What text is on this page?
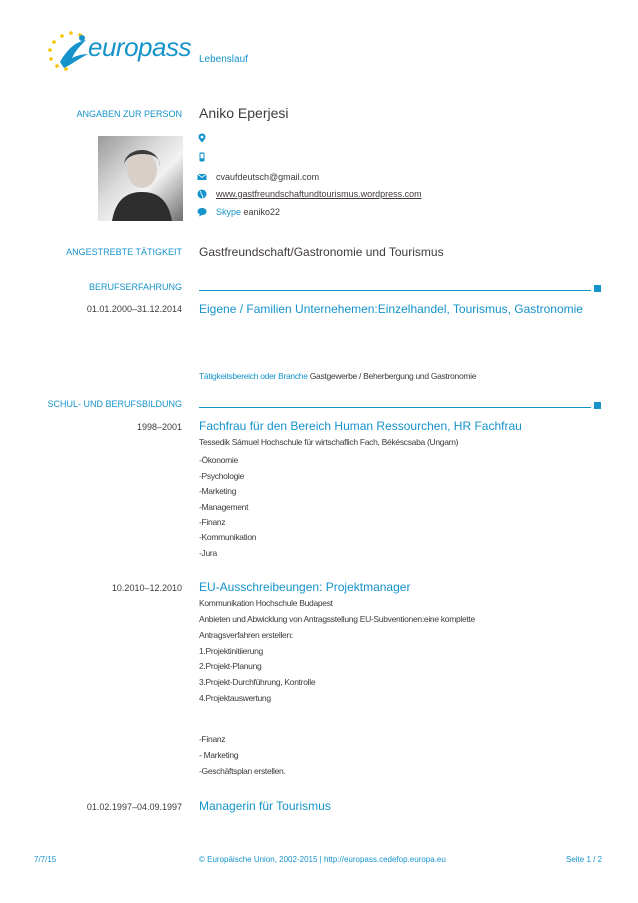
europass Lebenslauf
ANGABEN ZUR PERSON Aniko Eperjesi
cvaufdeutsch@gmail.com
www.gastfreundschaftundtourismus.wordpress.com
Skype eaniko22
ANGESTREBTE TÄTIGKEIT Gastfreundschaft/Gastronomie und Tourismus
BERUFSERFAHRUNG
01.01.2000–31.12.2014 Eigene / Familien Unternehemen:Einzelhandel, Tourismus, Gastronomie
Tätigkeitsbereich oder Branche Gastgewerbe / Beherbergung und Gastronomie
SCHUL- UND BERUFSBILDUNG
1998–2001 Fachfrau für den Bereich Human Ressourchen, HR Fachfrau
Tessedik Sámuel Hochschule für wirtschaflich Fach, Békéscsaba (Ungarn)
-Ökonomie
-Psychologie
-Marketing
-Management
-Finanz
-Kommunikation
-Jura
10.2010–12.2010 EU-Ausschreibeungen: Projektmanager
Kommunikation Hochschule Budapest
Anbieten und Abwicklung von Antragsstellung EU-Subventionen:eine komplette
Antragsverfahren erstellen:
1.Projektinitiierung
2.Projekt-Planung
3.Projekt-Durchführung, Kontrolle
4.Projektauswertung
-Finanz
- Marketing
-Geschäftsplan erstellen.
01.02.1997–04.09.1997 Managerin für Tourismus
7/7/15	© Europäische Union, 2002-2015 | http://europass.cedefop.europa.eu	Seite 1 / 2
